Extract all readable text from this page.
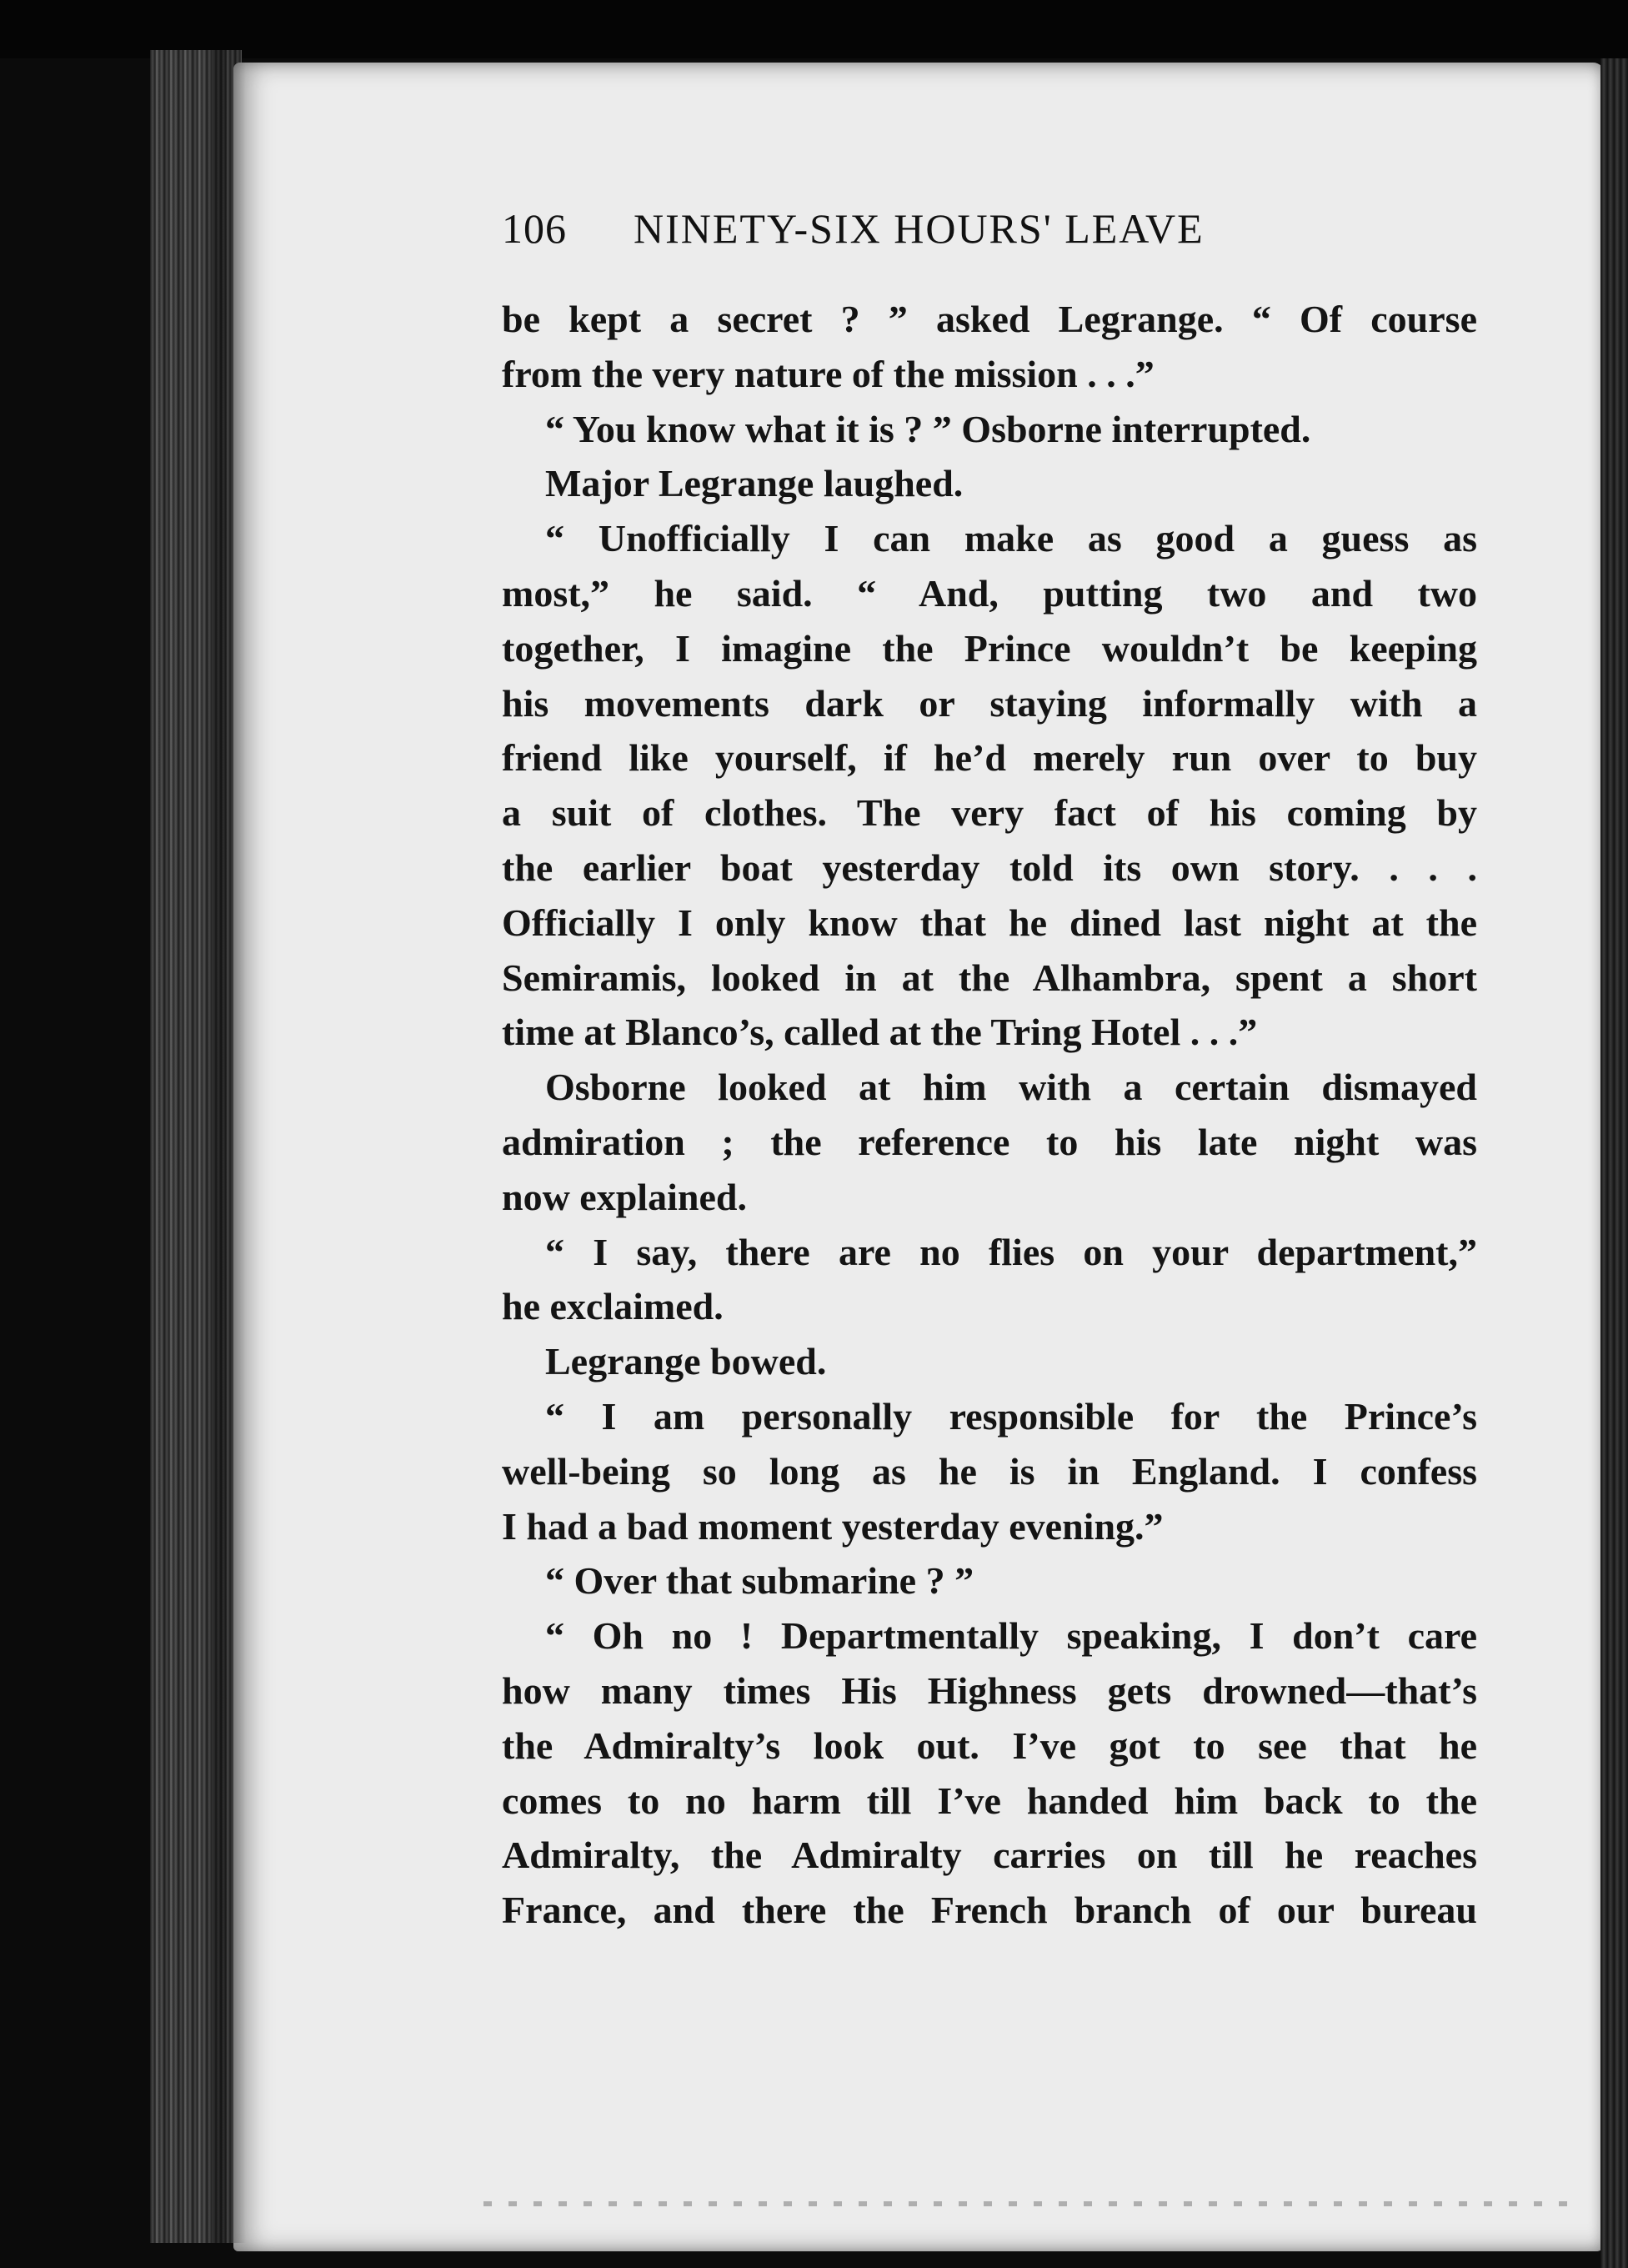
106 NINETY-SIX HOURS' LEAVE
be kept a secret ? ” asked Legrange. “ Of course
from the very nature of the mission . . .”
“ You know what it is ? ” Osborne interrupted.
Major Legrange laughed.
“ Unofficially I can make as good a guess as
most,” he said. “ And, putting two and two
together, I imagine the Prince wouldn’t be keeping
his movements dark or staying informally with a
friend like yourself, if he’d merely run over to buy
a suit of clothes. The very fact of his coming by
the earlier boat yesterday told its own story. . . .
Officially I only know that he dined last night at the
Semiramis, looked in at the Alhambra, spent a short
time at Blanco’s, called at the Tring Hotel . . .”
Osborne looked at him with a certain dismayed
admiration ; the reference to his late night was
now explained.
“ I say, there are no flies on your department,”
he exclaimed.
Legrange bowed.
“ I am personally responsible for the Prince’s
well-being so long as he is in England. I confess
I had a bad moment yesterday evening.”
“ Over that submarine ? ”
“ Oh no ! Departmentally speaking, I don’t care
how many times His Highness gets drowned—that’s
the Admiralty’s look out. I’ve got to see that he
comes to no harm till I’ve handed him back to the
Admiralty, the Admiralty carries on till he reaches
France, and there the French branch of our bureau
